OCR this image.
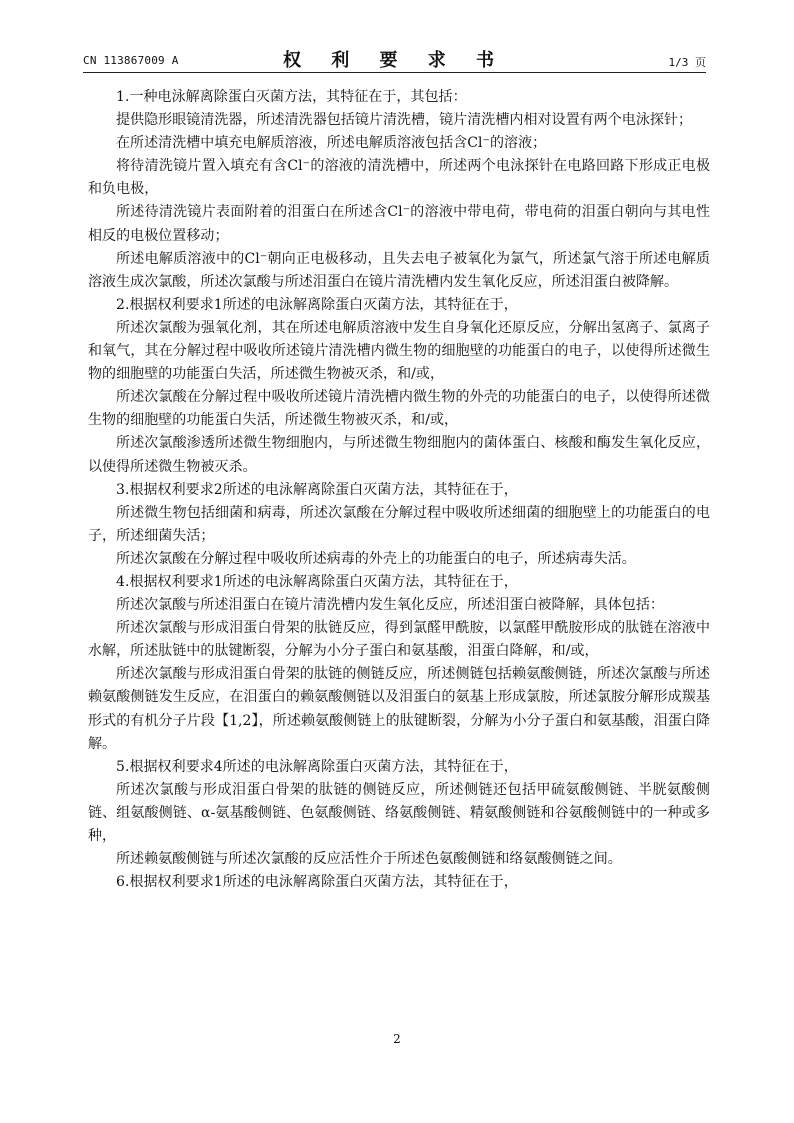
CN 113867009 A	权 利 要 求 书	1/3 页

1.一种电泳解离除蛋白灭菌方法，其特征在于，其包括：

提供隐形眼镜清洗器，所述清洗器包括镜片清洗槽，镜片清洗槽内相对设置有两个电泳探针；

在所述清洗槽中填充电解质溶液，所述电解质溶液包括含Cl⁻的溶液；

将待清洗镜片置入填充有含Cl⁻的溶液的清洗槽中，所述两个电泳探针在电路回路下形成正电极和负电极，

所述待清洗镜片表面附着的泪蛋白在所述含Cl⁻的溶液中带电荷，带电荷的泪蛋白朝向与其电性相反的电极位置移动；

所述电解质溶液中的Cl⁻朝向正电极移动，且失去电子被氧化为氯气，所述氯气溶于所述电解质溶液生成次氯酸，所述次氯酸与所述泪蛋白在镜片清洗槽内发生氧化反应，所述泪蛋白被降解。

2.根据权利要求1所述的电泳解离除蛋白灭菌方法，其特征在于，

所述次氯酸为强氧化剂，其在所述电解质溶液中发生自身氧化还原反应，分解出氢离子、氯离子和氧气，其在分解过程中吸收所述镜片清洗槽内微生物的细胞壁的功能蛋白的电子，以使得所述微生物的细胞壁的功能蛋白失活，所述微生物被灭杀，和/或，

所述次氯酸在分解过程中吸收所述镜片清洗槽内微生物的外壳的功能蛋白的电子，以使得所述微生物的细胞壁的功能蛋白失活，所述微生物被灭杀，和/或，

所述次氯酸渗透所述微生物细胞内，与所述微生物细胞内的菌体蛋白、核酸和酶发生氧化反应，以使得所述微生物被灭杀。

3.根据权利要求2所述的电泳解离除蛋白灭菌方法，其特征在于，

所述微生物包括细菌和病毒，所述次氯酸在分解过程中吸收所述细菌的细胞壁上的功能蛋白的电子，所述细菌失活；

所述次氯酸在分解过程中吸收所述病毒的外壳上的功能蛋白的电子，所述病毒失活。

4.根据权利要求1所述的电泳解离除蛋白灭菌方法，其特征在于，

所述次氯酸与所述泪蛋白在镜片清洗槽内发生氧化反应，所述泪蛋白被降解，具体包括：

所述次氯酸与形成泪蛋白骨架的肽链反应，得到氯醛甲酰胺，以氯醛甲酰胺形成的肽链在溶液中水解，所述肽链中的肽键断裂，分解为小分子蛋白和氨基酸，泪蛋白降解，和/或，

所述次氯酸与形成泪蛋白骨架的肽链的侧链反应，所述侧链包括赖氨酸侧链，所述次氯酸与所述赖氨酸侧链发生反应，在泪蛋白的赖氨酸侧链以及泪蛋白的氨基上形成氯胺，所述氯胺分解形成羰基形式的有机分子片段【1,2】，所述赖氨酸侧链上的肽键断裂，分解为小分子蛋白和氨基酸，泪蛋白降解。

5.根据权利要求4所述的电泳解离除蛋白灭菌方法，其特征在于，

所述次氯酸与形成泪蛋白骨架的肽链的侧链反应，所述侧链还包括甲硫氨酸侧链、半胱氨酸侧链、组氨酸侧链、α-氨基酸侧链、色氨酸侧链、络氨酸侧链、精氨酸侧链和谷氨酸侧链中的一种或多种，

所述赖氨酸侧链与所述次氯酸的反应活性介于所述色氨酸侧链和络氨酸侧链之间。

6.根据权利要求1所述的电泳解离除蛋白灭菌方法，其特征在于，

2
